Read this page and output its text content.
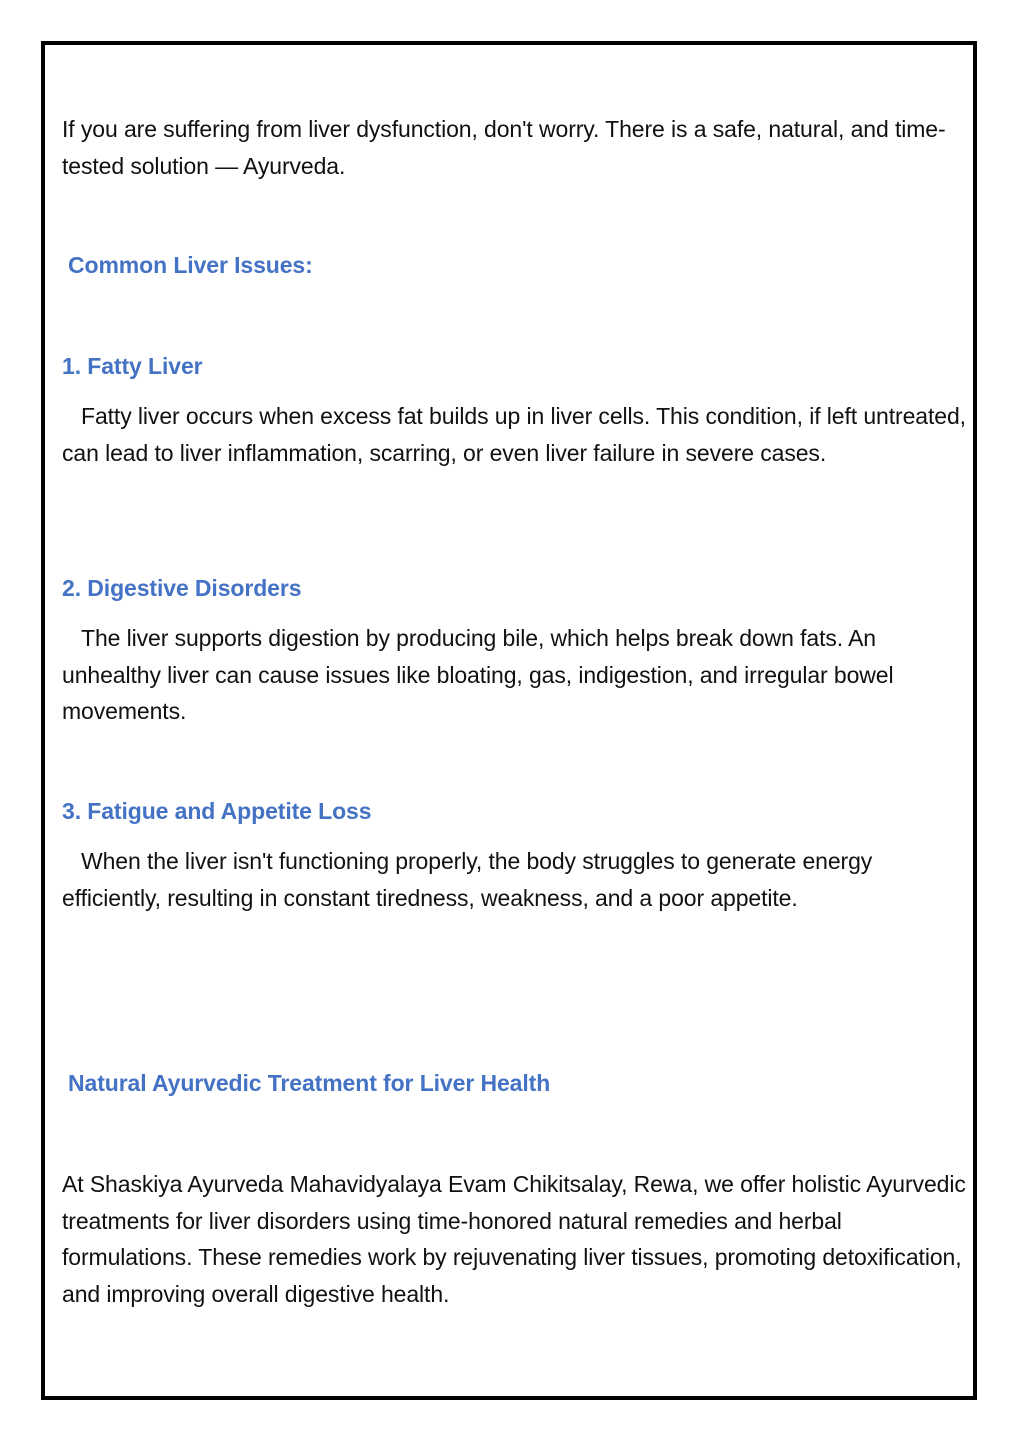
If you are suffering from liver dysfunction, don't worry. There is a safe, natural, and time-tested solution — Ayurveda.

Common Liver Issues:
1. Fatty Liver

Fatty liver occurs when excess fat builds up in liver cells. This condition, if left untreated, can lead to liver inflammation, scarring, or even liver failure in severe cases.

2. Digestive Disorders

The liver supports digestion by producing bile, which helps break down fats. An unhealthy liver can cause issues like bloating, gas, indigestion, and irregular bowel movements.

3. Fatigue and Appetite Loss

When the liver isn't functioning properly, the body struggles to generate energy efficiently, resulting in constant tiredness, weakness, and a poor appetite.

Natural Ayurvedic Treatment for Liver Health

At Shaskiya Ayurveda Mahavidyalaya Evam Chikitsalay, Rewa, we offer holistic Ayurvedic treatments for liver disorders using time-honored natural remedies and herbal formulations. These remedies work by rejuvenating liver tissues, promoting detoxification, and improving overall digestive health.
